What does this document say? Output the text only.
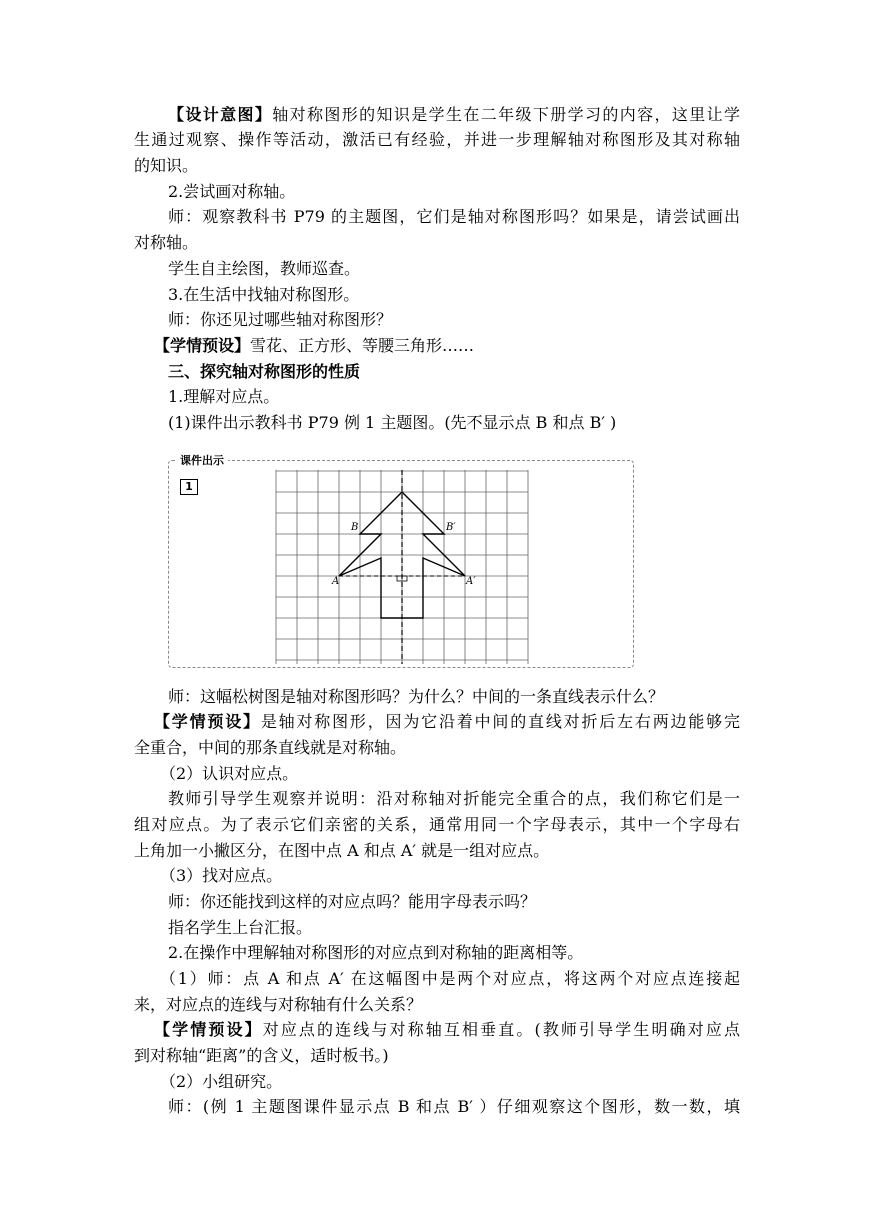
【设计意图】轴对称图形的知识是学生在二年级下册学习的内容，这里让学
生通过观察、操作等活动，激活已有经验，并进一步理解轴对称图形及其对称轴
的知识。
2.尝试画对称轴。
师：观察教科书 P79 的主题图，它们是轴对称图形吗？如果是，请尝试画出
对称轴。
学生自主绘图，教师巡查。
3.在生活中找轴对称图形。
师：你还见过哪些轴对称图形？
【学情预设】雪花、正方形、等腰三角形……
三、探究轴对称图形的性质
1.理解对应点。
(1)课件出示教科书 P79 例 1 主题图。(先不显示点 B 和点 B′ )
师：这幅松树图是轴对称图形吗？为什么？中间的一条直线表示什么？
【学情预设】是轴对称图形，因为它沿着中间的直线对折后左右两边能够完
全重合，中间的那条直线就是对称轴。
（2）认识对应点。
教师引导学生观察并说明：沿对称轴对折能完全重合的点，我们称它们是一
组对应点。为了表示它们亲密的关系，通常用同一个字母表示，其中一个字母右
上角加一小撇区分，在图中点 A 和点 A′ 就是一组对应点。
（3）找对应点。
师：你还能找到这样的对应点吗？能用字母表示吗？
指名学生上台汇报。
2.在操作中理解轴对称图形的对应点到对称轴的距离相等。
（1）师：点 A 和点 A′ 在这幅图中是两个对应点，将这两个对应点连接起
来，对应点的连线与对称轴有什么关系？
【学情预设】对应点的连线与对称轴互相垂直。(教师引导学生明确对应点
到对称轴“距离”的含义，适时板书。)
（2）小组研究。
师：(例 1 主题图课件显示点 B 和点 B′ ）仔细观察这个图形，数一数，填
课件出示
1
B	B′
A	A′
